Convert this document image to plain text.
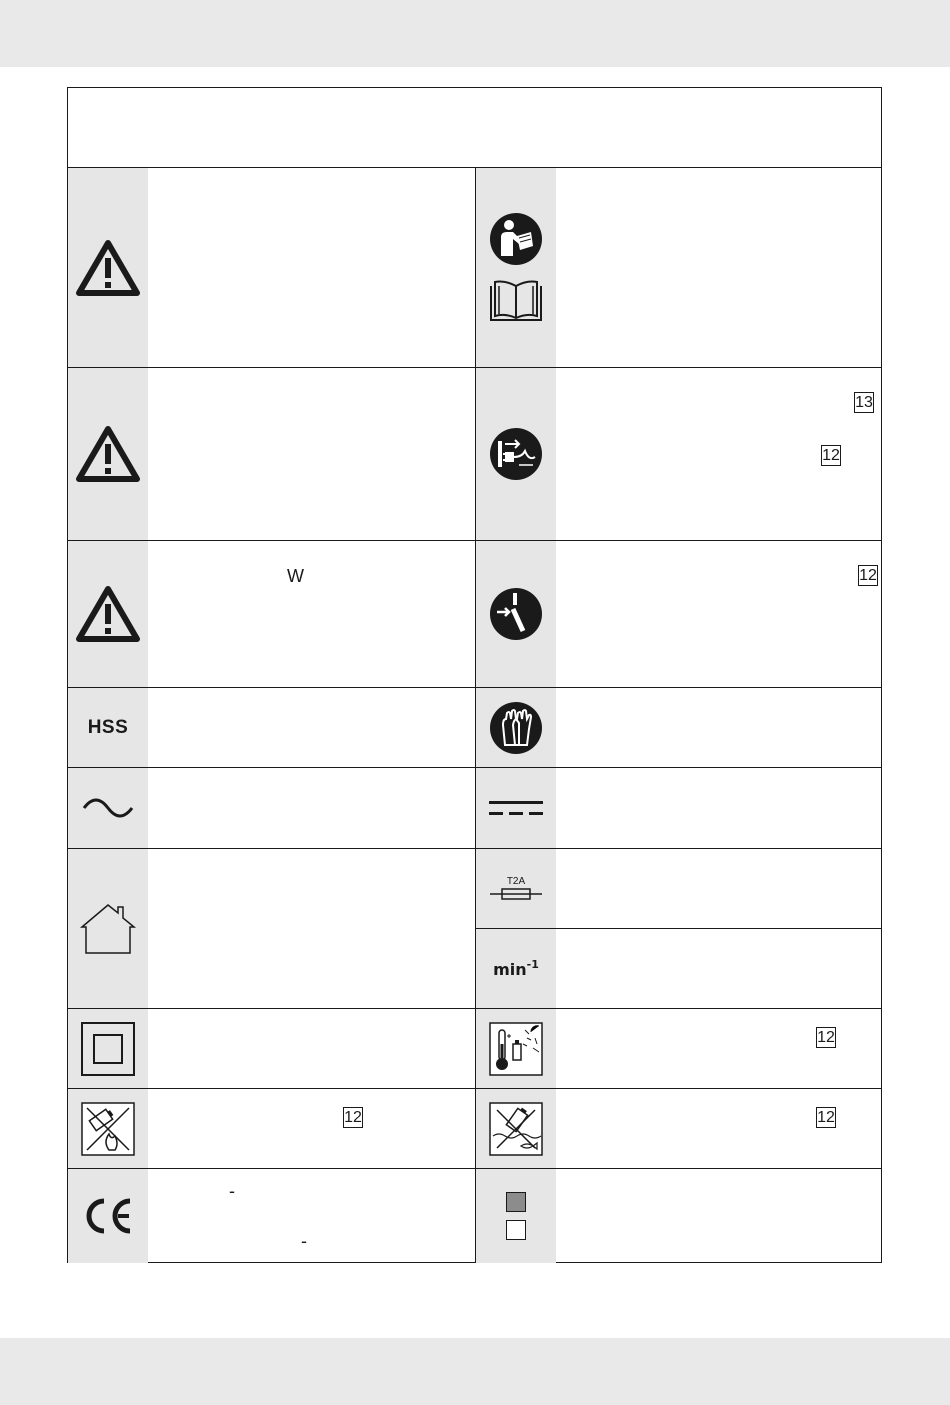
13
12
W	12
HSS
T2A
$\min^{-1}$
12
12	12
-
-
